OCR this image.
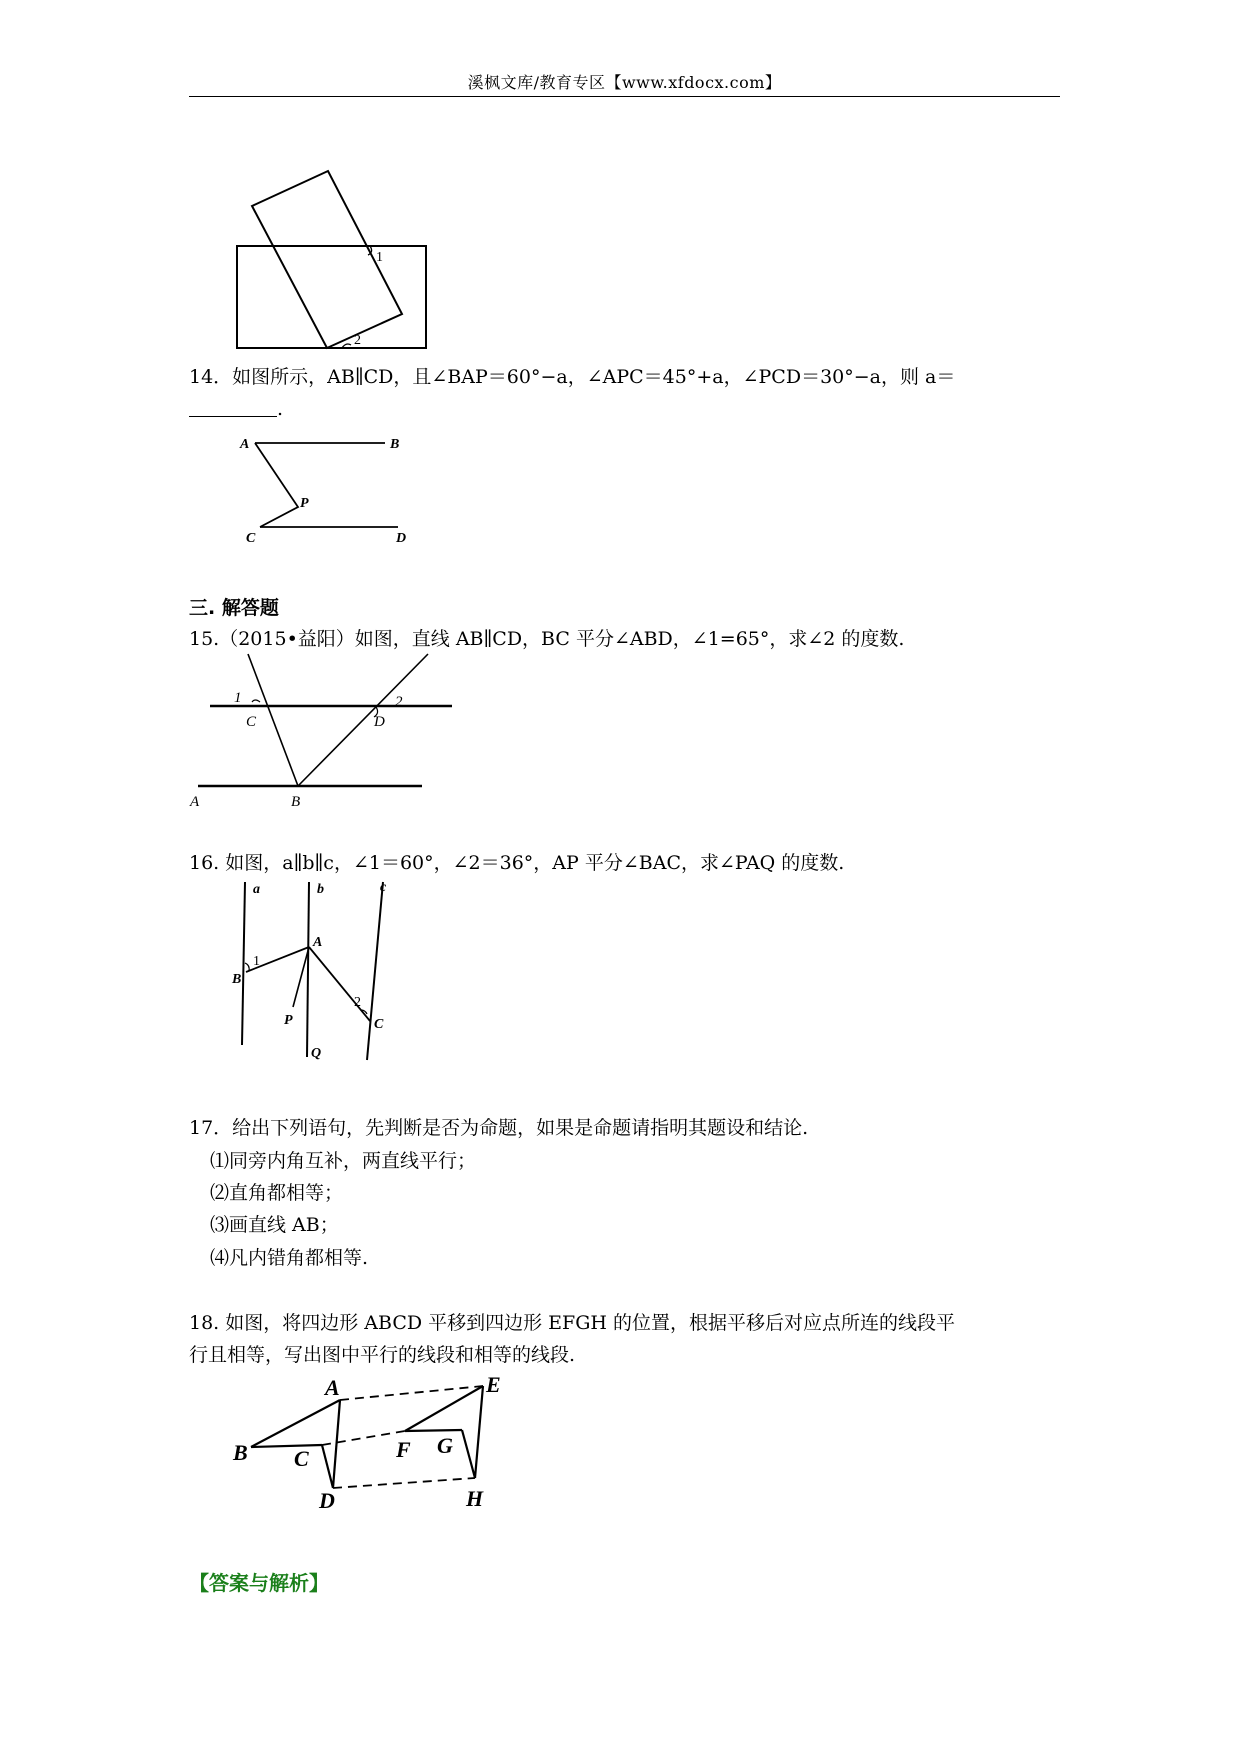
溪枫文库/教育专区【www.xfdocx.com】
1
2
14．如图所示，AB∥CD，且∠BAP＝60°−a，∠APC＝45°+a，∠PCD＝30°−a，则 a＝
.
A	B
P
C	D
三. 解答题
15.（2015•益阳）如图，直线 AB∥CD，BC 平分∠ABD，∠1=65°，求∠2 的度数.
1	2
C	D
A	B
16. 如图，a∥b∥c，∠1＝60°，∠2＝36°，AP 平分∠BAC，求∠PAQ 的度数.
a	b	c
A
1
B
2
C
P
Q
17．给出下列语句，先判断是否为命题，如果是命题请指明其题设和结论.
⑴同旁内角互补，两直线平行；
⑵直角都相等；
⑶画直线 AB；
⑷凡内错角都相等.
18. 如图，将四边形 ABCD 平移到四边形 EFGH 的位置，根据平移后对应点所连的线段平
行且相等，写出图中平行的线段和相等的线段.
A
B C
D
E
F G
H
【答案与解析】
